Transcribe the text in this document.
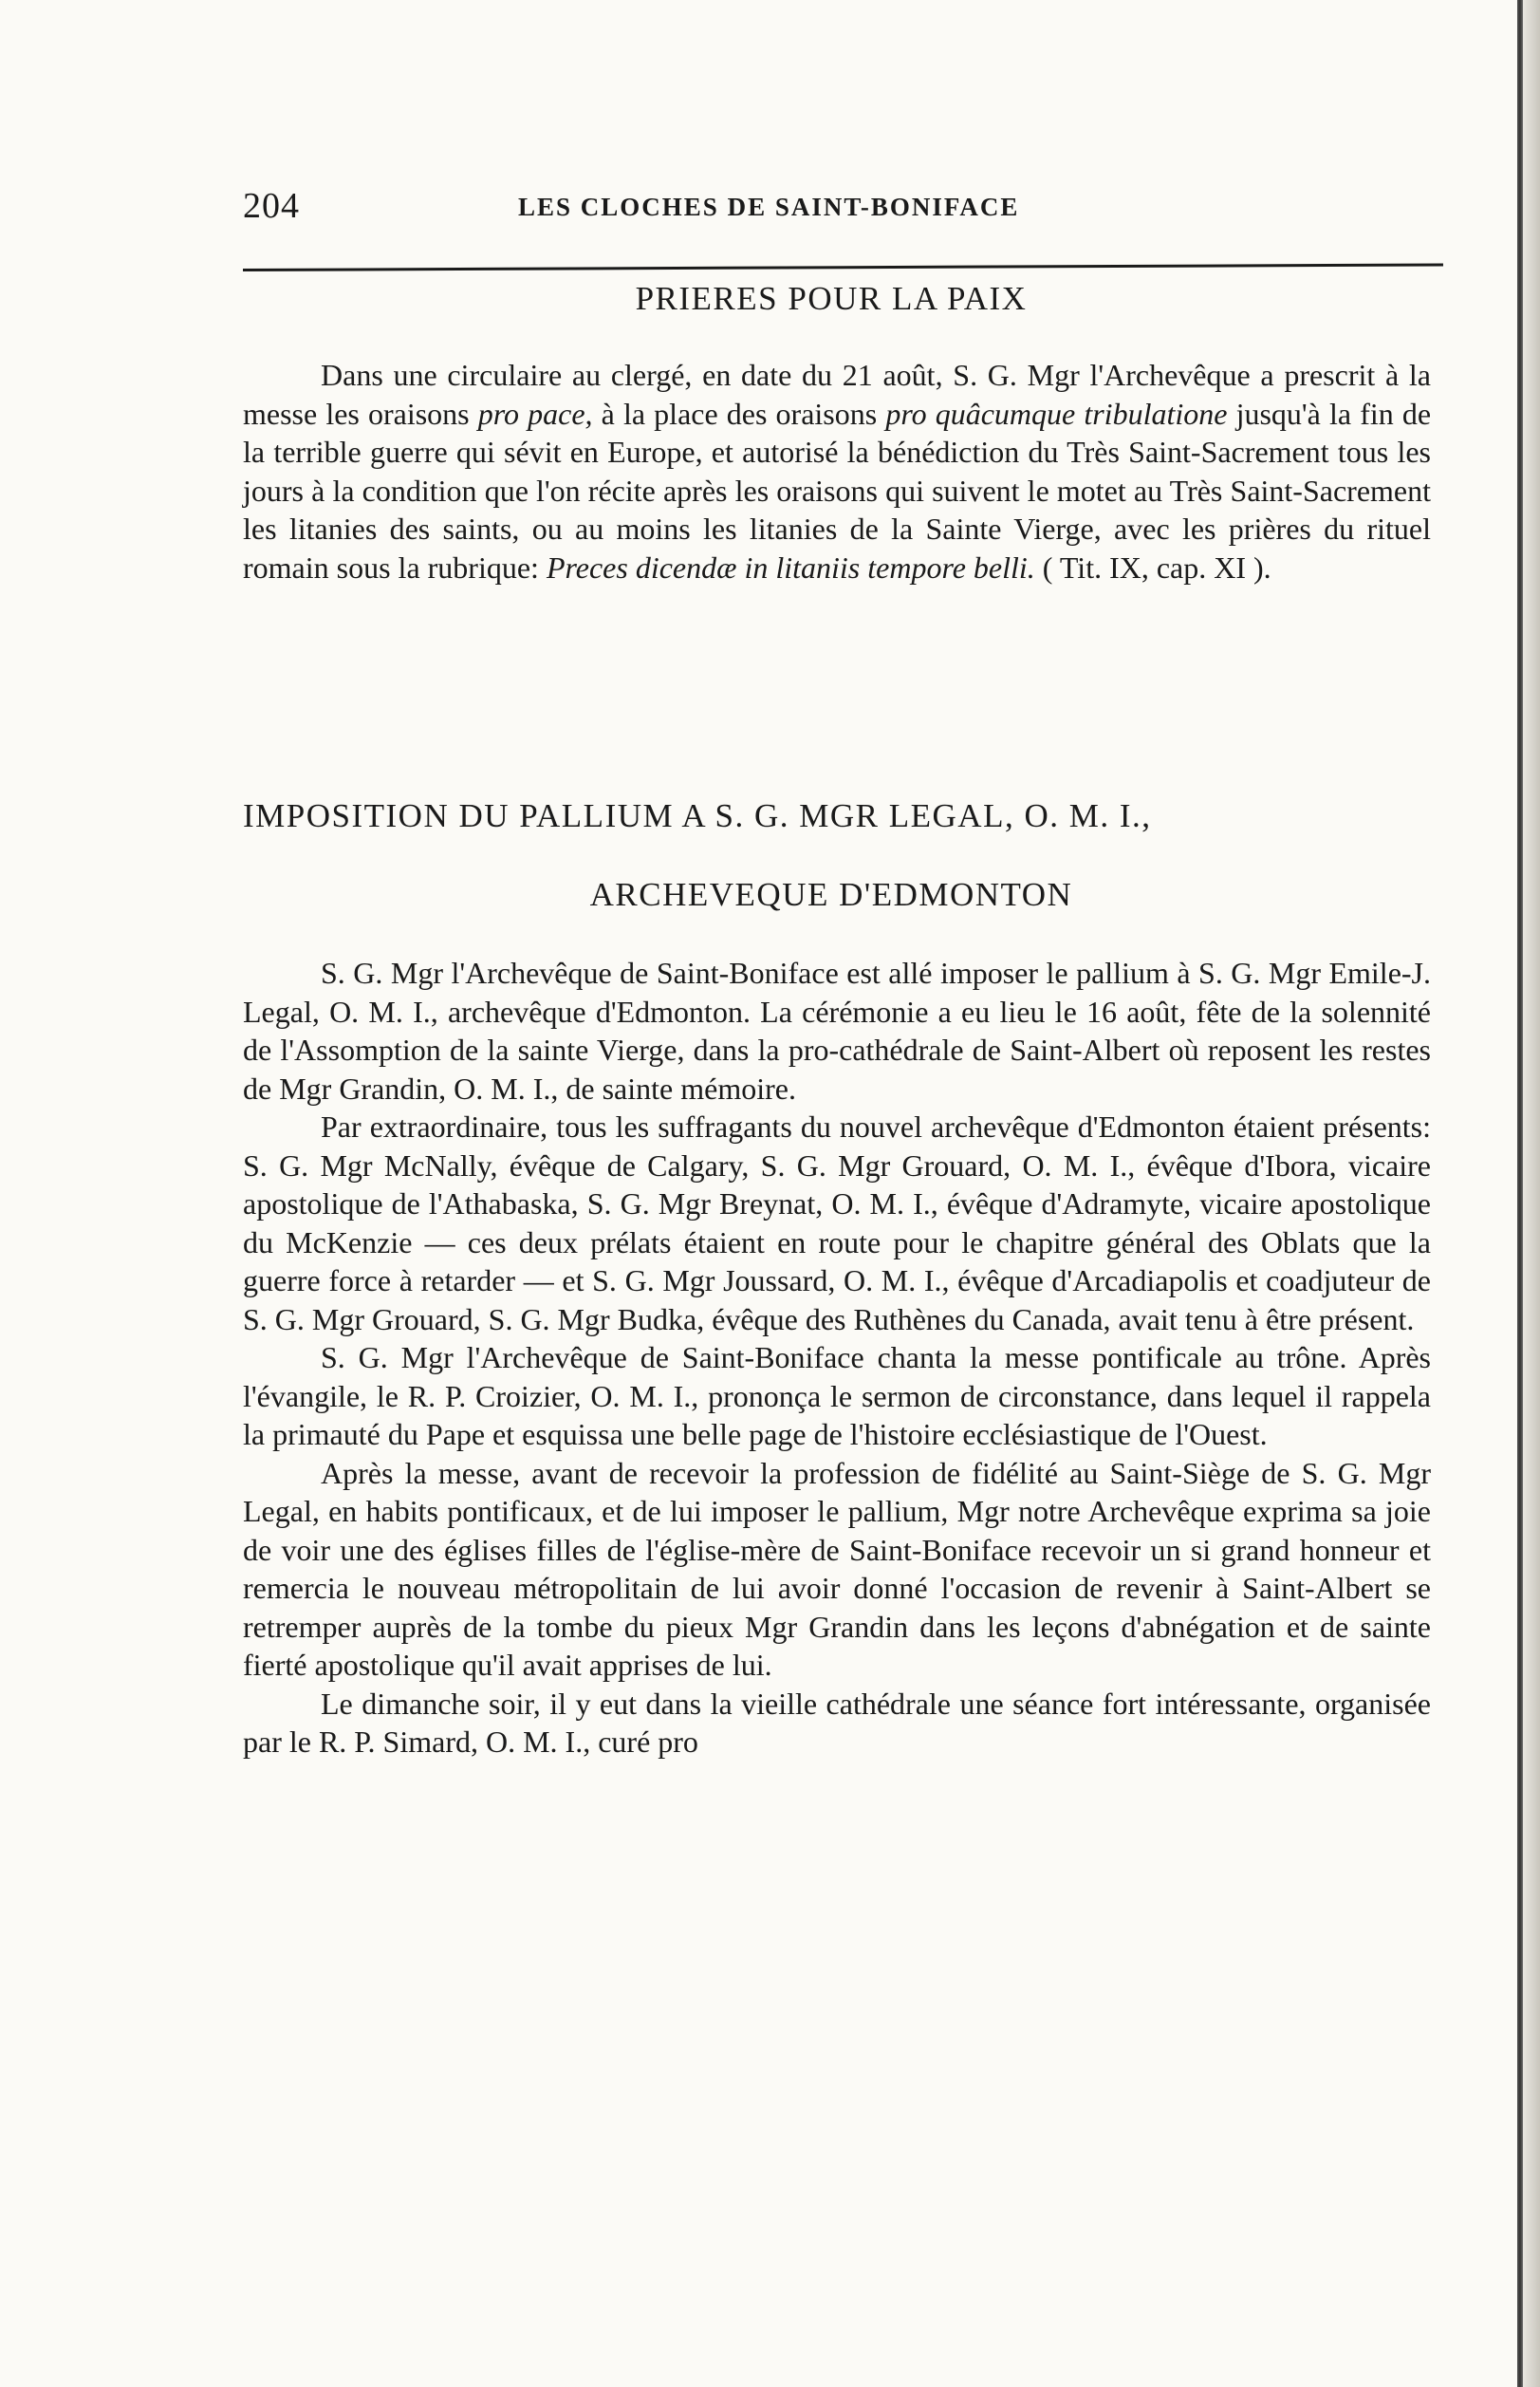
204	LES CLOCHES DE SAINT-BONIFACE
PRIERES POUR LA PAIX

Dans une circulaire au clergé, en date du 21 août, S. G. Mgr l'Archevêque a prescrit à la messe les oraisons pro pace, à la place des oraisons pro quâcumque tribulatione jusqu'à la fin de la terrible guerre qui sévit en Europe, et autorisé la bénédiction du Très Saint-Sacrement tous les jours à la condition que l'on récite après les oraisons qui suivent le motet au Très Saint-Sacrement les litanies des saints, ou au moins les litanies de la Sainte Vierge, avec les prières du rituel romain sous la rubrique: Preces dicendæ in litaniis tempore belli. ( Tit. IX, cap. XI ).

IMPOSITION DU PALLIUM A S. G. MGR LEGAL, O. M. I.,
ARCHEVEQUE D'EDMONTON

S. G. Mgr l'Archevêque de Saint-Boniface est allé imposer le pallium à S. G. Mgr Emile-J. Legal, O. M. I., archevêque d'Edmonton. La cérémonie a eu lieu le 16 août, fête de la solennité de l'Assomption de la sainte Vierge, dans la pro-cathédrale de Saint-Albert où reposent les restes de Mgr Grandin, O. M. I., de sainte mémoire.

Par extraordinaire, tous les suffragants du nouvel archevêque d'Edmonton étaient présents: S. G. Mgr McNally, évêque de Calgary, S. G. Mgr Grouard, O. M. I., évêque d'Ibora, vicaire apostolique de l'Athabaska, S. G. Mgr Breynat, O. M. I., évêque d'Adramyte, vicaire apostolique du McKenzie — ces deux prélats étaient en route pour le chapitre général des Oblats que la guerre force à retarder — et S. G. Mgr Joussard, O. M. I., évêque d'Arcadiapolis et coadjuteur de S. G. Mgr Grouard, S. G. Mgr Budka, évêque des Ruthènes du Canada, avait tenu à être présent.

S. G. Mgr l'Archevêque de Saint-Boniface chanta la messe pontificale au trône. Après l'évangile, le R. P. Croizier, O. M. I., prononça le sermon de circonstance, dans lequel il rappela la primauté du Pape et esquissa une belle page de l'histoire ecclésiastique de l'Ouest.

Après la messe, avant de recevoir la profession de fidélité au Saint-Siège de S. G. Mgr Legal, en habits pontificaux, et de lui imposer le pallium, Mgr notre Archevêque exprima sa joie de voir une des églises filles de l'église-mère de Saint-Boniface recevoir un si grand honneur et remercia le nouveau métropolitain de lui avoir donné l'occasion de revenir à Saint-Albert se retremper auprès de la tombe du pieux Mgr Grandin dans les leçons d'abnégation et de sainte fierté apostolique qu'il avait apprises de lui.

Le dimanche soir, il y eut dans la vieille cathédrale une séance fort intéressante, organisée par le R. P. Simard, O. M. I., curé pro
